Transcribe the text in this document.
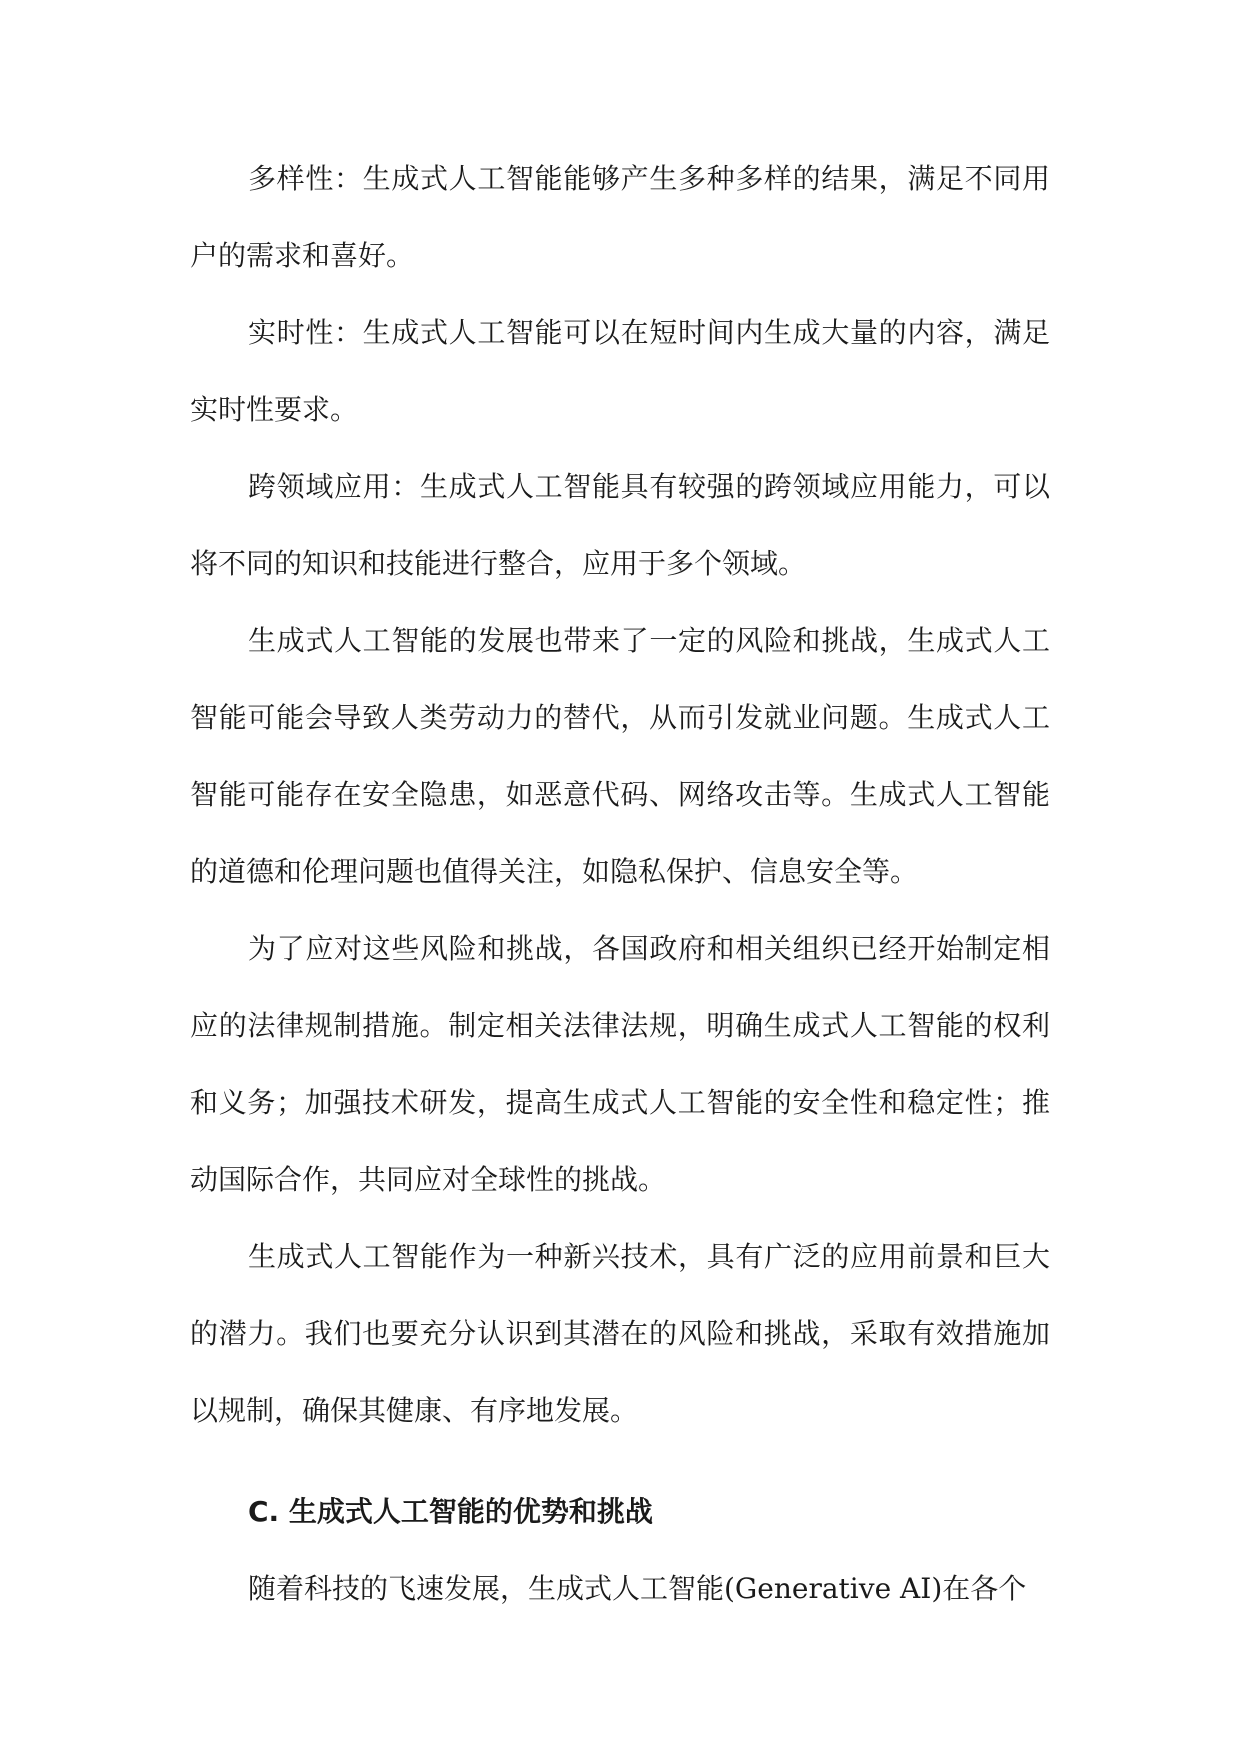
多样性：生成式人工智能能够产生多种多样的结果，满足不同用户的需求和喜好。

实时性：生成式人工智能可以在短时间内生成大量的内容，满足实时性要求。

跨领域应用：生成式人工智能具有较强的跨领域应用能力，可以将不同的知识和技能进行整合，应用于多个领域。

生成式人工智能的发展也带来了一定的风险和挑战，生成式人工智能可能会导致人类劳动力的替代，从而引发就业问题。生成式人工智能可能存在安全隐患，如恶意代码、网络攻击等。生成式人工智能的道德和伦理问题也值得关注，如隐私保护、信息安全等。

为了应对这些风险和挑战，各国政府和相关组织已经开始制定相应的法律规制措施。制定相关法律法规，明确生成式人工智能的权利和义务；加强技术研发，提高生成式人工智能的安全性和稳定性；推动国际合作，共同应对全球性的挑战。

生成式人工智能作为一种新兴技术，具有广泛的应用前景和巨大的潜力。我们也要充分认识到其潜在的风险和挑战，采取有效措施加以规制，确保其健康、有序地发展。

C. 生成式人工智能的优势和挑战

随着科技的飞速发展，生成式人工智能(Generative AI)在各个
